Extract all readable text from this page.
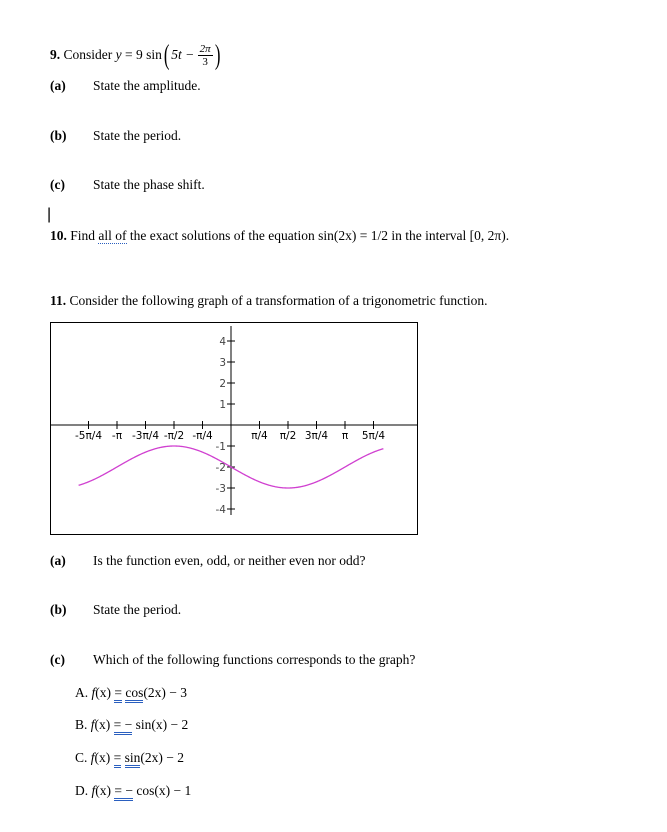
9. Consider y = 9 sin( $5t - \frac{2\pi}{3}$ )
(a) State the amplitude.
(b) State the period.
(c) State the phase shift.
|
10. Find all of the exact solutions of the equation sin(2x) = 1/2 in the interval [0, 2π).
11. Consider the following graph of a transformation of a trigonometric function.
-5π/4 -π -3π/4 -π/2 -π/4	π/4 π/2 3π/4 π 5π/4
4
3
2
1
-1
-2
-3
-4
(a) Is the function even, odd, or neither even nor odd?
(b) State the period.
(c) Which of the following functions corresponds to the graph?
A. f(x) = cos(2x) − 3
B. f(x) = − sin(x) − 2
C. f(x) = sin(2x) − 2
D. f(x) = − cos(x) − 1
